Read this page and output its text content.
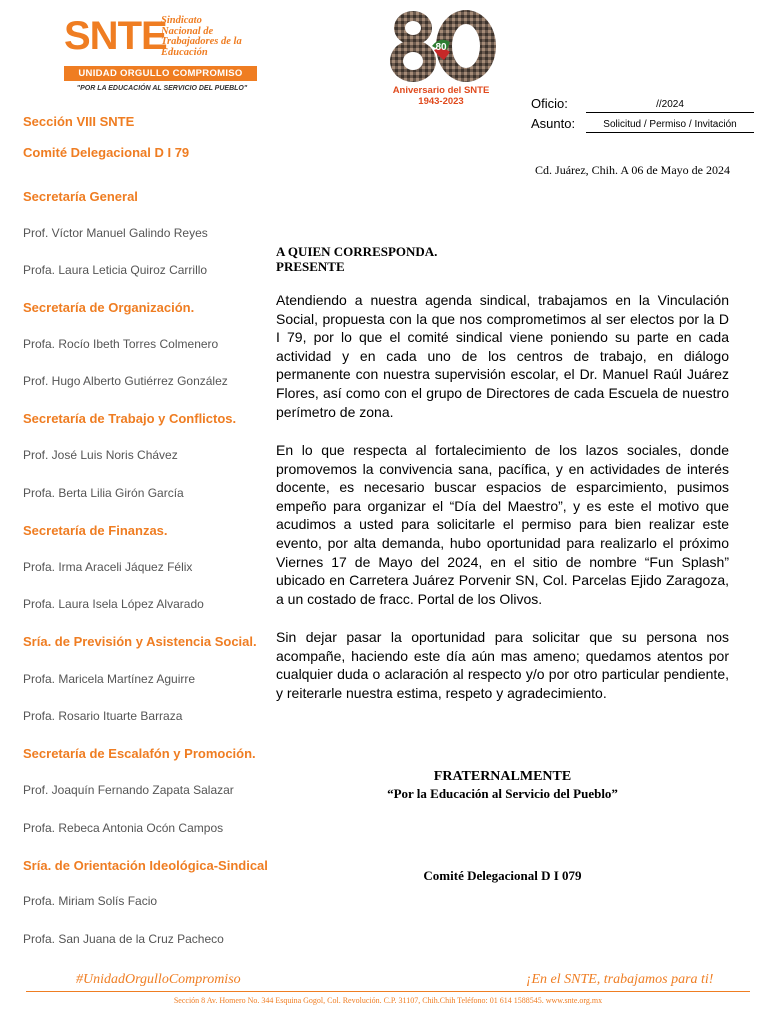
SNTE
Sindicato
Nacional de
Trabajadores de la
Educación
UNIDAD ORGULLO COMPROMISO
"POR LA EDUCACIÓN AL SERVICIO DEL PUEBLO"
80
Aniversario del SNTE
1943-2023	Oficio:	//2024
Asunto:	Solicitud / Permiso / Invitación
Cd. Juárez, Chih. A 06 de Mayo de 2024
Sección VIII SNTE
Comité Delegacional D I 79
Secretaría General
Prof. Víctor Manuel Galindo Reyes
Profa. Laura Leticia Quiroz Carrillo
Secretaría de Organización.
Profa. Rocío Ibeth Torres Colmenero
Prof. Hugo Alberto Gutiérrez González
Secretaría de Trabajo y Conflictos.
Prof. José Luis Noris Chávez
Profa. Berta Lilia Girón García
Secretaría de Finanzas.
Profa. Irma Araceli Jáquez Félix
Profa. Laura Isela López Alvarado
Sría. de Previsión y Asistencia Social.
Profa. Maricela Martínez Aguirre
Profa. Rosario Ituarte Barraza
Secretaría de Escalafón y Promoción.
Prof. Joaquín Fernando Zapata Salazar
Profa. Rebeca Antonia Ocón Campos
Sría. de Orientación Ideológica-Sindical
Profa. Miriam Solís Facio
Profa. San Juana de la Cruz Pacheco
A QUIEN CORRESPONDA.
PRESENTE
Atendiendo a nuestra agenda sindical, trabajamos en la Vinculación Social, propuesta con la que nos comprometimos al ser electos por la D I 79, por lo que el comité sindical viene poniendo su parte en cada actividad y en cada uno de los centros de trabajo, en diálogo permanente con nuestra supervisión escolar, el Dr. Manuel Raúl Juárez Flores, así como con el grupo de Directores de cada Escuela de nuestro perímetro de zona.
En lo que respecta al fortalecimiento de los lazos sociales, donde promovemos la convivencia sana, pacífica, y en actividades de interés docente, es necesario buscar espacios de esparcimiento, pusimos empeño para organizar el “Día del Maestro”, y es este el motivo que acudimos a usted para solicitarle el permiso para bien realizar este evento, por alta demanda, hubo oportunidad para realizarlo el próximo Viernes 17 de Mayo del 2024, en el sitio de nombre “Fun Splash” ubicado en Carretera Juárez Porvenir SN, Col. Parcelas Ejido Zaragoza, a un costado de fracc. Portal de los Olivos.
Sin dejar pasar la oportunidad para solicitar que su persona nos acompañe, haciendo este día aún mas ameno; quedamos atentos por cualquier duda o aclaración al respecto y/o por otro particular pendiente, y reiterarle nuestra estima, respeto y agradecimiento.
FRATERNALMENTE
“Por la Educación al Servicio del Pueblo”
Comité Delegacional D I 079
#UnidadOrgulloCompromiso	¡En el SNTE, trabajamos para ti!
Sección 8 Av. Homero No. 344 Esquina Gogol, Col. Revolución. C.P. 31107, Chih.Chih Teléfono: 01 614 1588545. www.snte.org.mx
